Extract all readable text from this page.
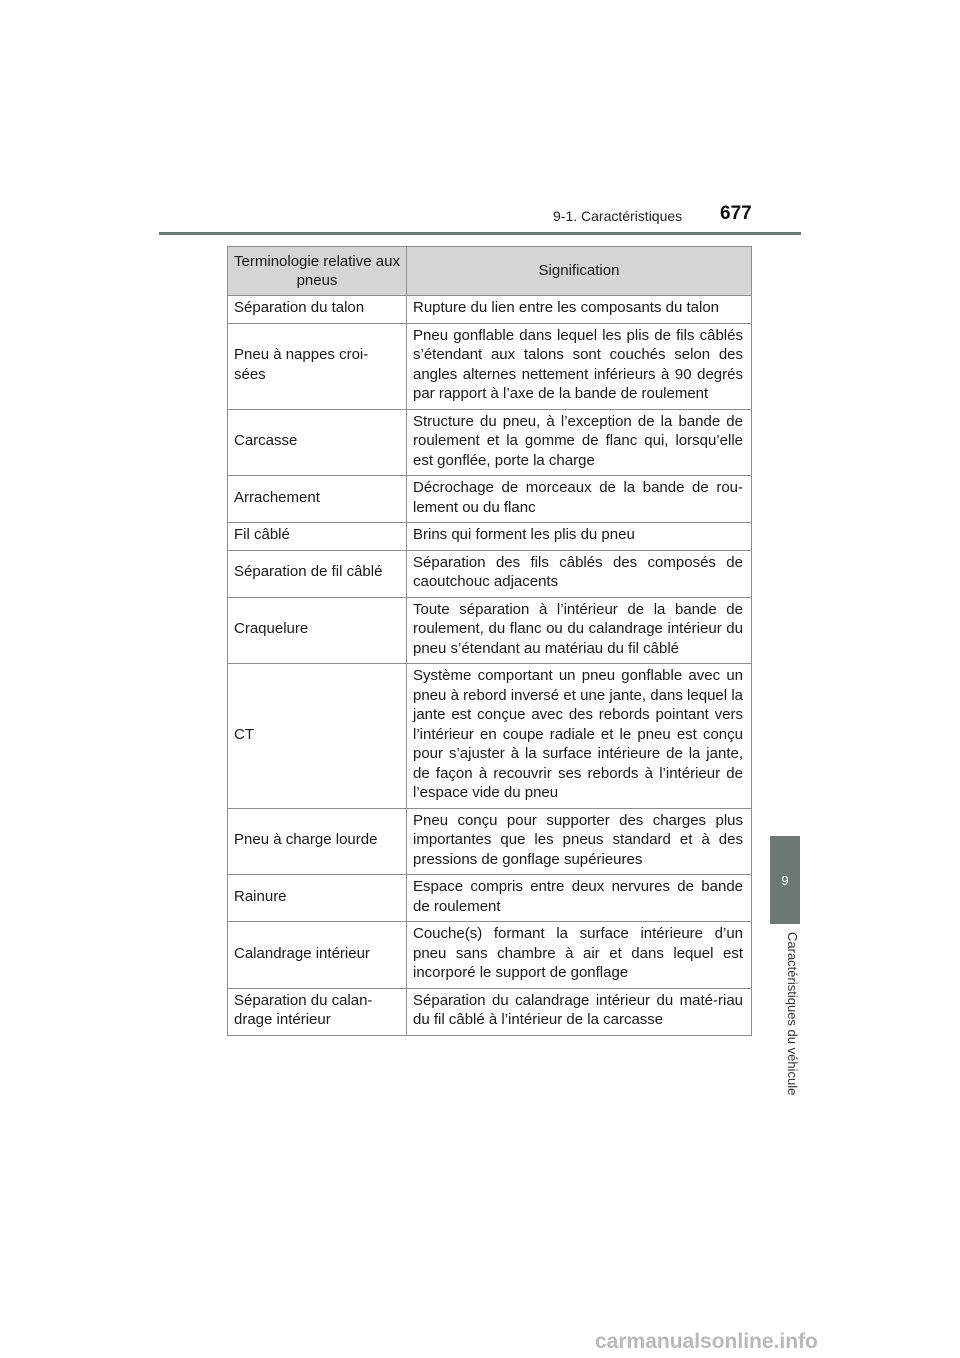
9-1. Caractéristiques 677
9
Caractéristiques du véhicule
Terminologie relative aux pneus	Signification
Séparation du talon	Rupture du lien entre les composants du talon
Pneu à nappes croi-sées	Pneu gonflable dans lequel les plis de fils câblés s’étendant aux talons sont couchés selon des angles alternes nettement inférieurs à 90 degrés par rapport à l’axe de la bande de roulement
Carcasse	Structure du pneu, à l’exception de la bande de roulement et la gomme de flanc qui, lorsqu’elle est gonflée, porte la charge
Arrachement	Décrochage de morceaux de la bande de rou-lement ou du flanc
Fil câblé	Brins qui forment les plis du pneu
Séparation de fil câblé	Séparation des fils câblés des composés de caoutchouc adjacents
Craquelure	Toute séparation à l’intérieur de la bande de roulement, du flanc ou du calandrage intérieur du pneu s’étendant au matériau du fil câblé
CT	Système comportant un pneu gonflable avec un pneu à rebord inversé et une jante, dans lequel la jante est conçue avec des rebords pointant vers l’intérieur en coupe radiale et le pneu est conçu pour s’ajuster à la surface intérieure de la jante, de façon à recouvrir ses rebords à l’intérieur de l’espace vide du pneu
Pneu à charge lourde	Pneu conçu pour supporter des charges plus importantes que les pneus standard et à des pressions de gonflage supérieures
Rainure	Espace compris entre deux nervures de bande de roulement
Calandrage intérieur	Couche(s) formant la surface intérieure d’un pneu sans chambre à air et dans lequel est incorporé le support de gonflage
Séparation du calan-drage intérieur	Séparation du calandrage intérieur du maté-riau du fil câblé à l’intérieur de la carcasse
carmanualsonline.info
